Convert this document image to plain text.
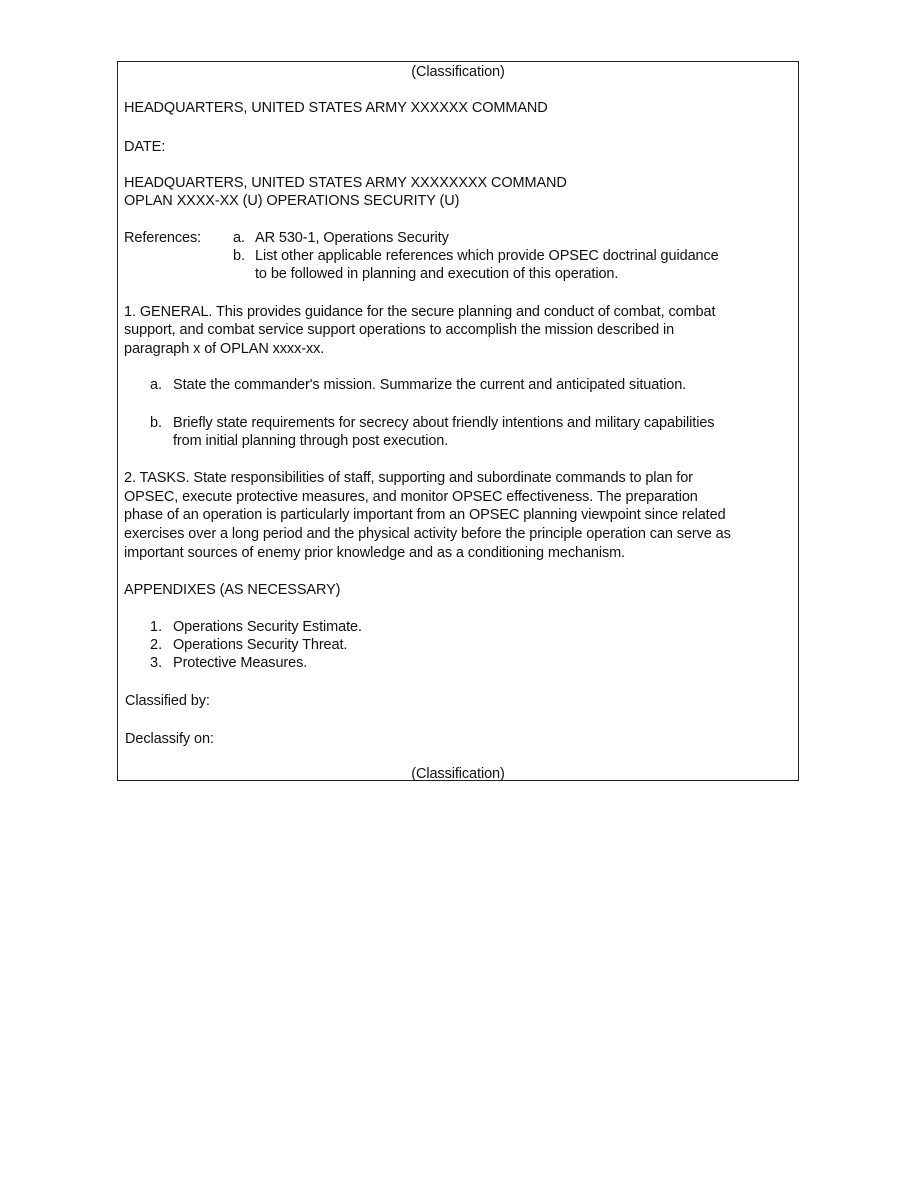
(Classification)
HEADQUARTERS, UNITED STATES ARMY XXXXXX COMMAND
DATE:
HEADQUARTERS, UNITED STATES ARMY XXXXXXXX COMMAND
OPLAN XXXX-XX (U) OPERATIONS SECURITY (U)
References: a. AR 530-1, Operations Security
b. List other applicable references which provide OPSEC doctrinal guidance
to be followed in planning and execution of this operation.
1. GENERAL. This provides guidance for the secure planning and conduct of combat, combat
support, and combat service support operations to accomplish the mission described in
paragraph x of OPLAN xxxx-xx.
a. State the commander's mission. Summarize the current and anticipated situation.
b. Briefly state requirements for secrecy about friendly intentions and military capabilities
from initial planning through post execution.
2. TASKS. State responsibilities of staff, supporting and subordinate commands to plan for
OPSEC, execute protective measures, and monitor OPSEC effectiveness. The preparation
phase of an operation is particularly important from an OPSEC planning viewpoint since related
exercises over a long period and the physical activity before the principle operation can serve as
important sources of enemy prior knowledge and as a conditioning mechanism.
APPENDIXES (AS NECESSARY)
1. Operations Security Estimate.
2. Operations Security Threat.
3. Protective Measures.
Classified by:
Declassify on:
(Classification)
